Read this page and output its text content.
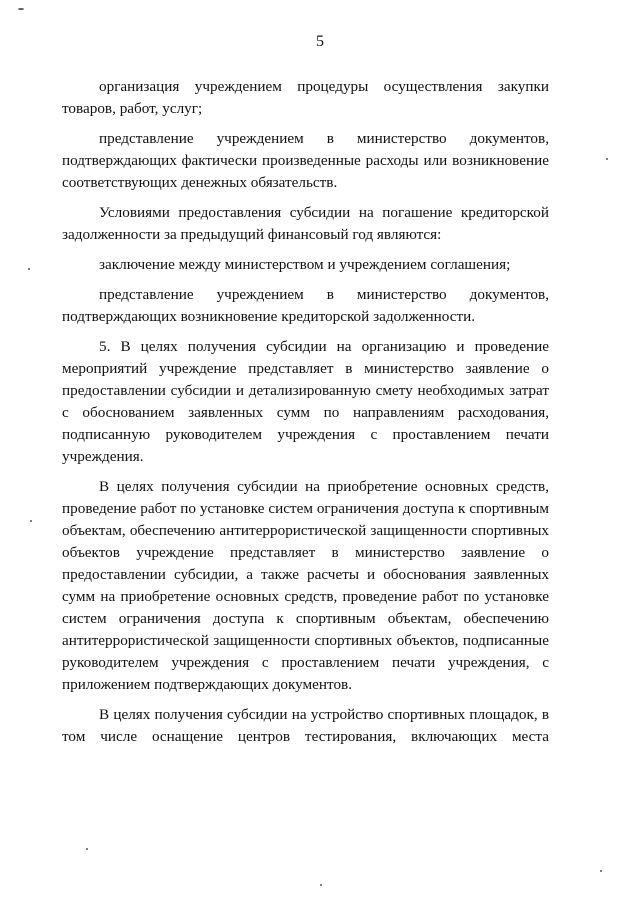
5
организация учреждением процедуры осуществления закупки
товаров, работ, услуг;
представление учреждением в министерство документов,
подтверждающих фактически произведенные расходы или возникновение
соответствующих денежных обязательств.
Условиями предоставления субсидии на погашение кредиторской
задолженности за предыдущий финансовый год являются:
заключение между министерством и учреждением соглашения;
представление учреждением в министерство документов,
подтверждающих возникновение кредиторской задолженности.
5. В целях получения субсидии на организацию и проведение
мероприятий учреждение представляет в министерство заявление о
предоставлении субсидии и детализированную смету необходимых затрат
с обоснованием заявленных сумм по направлениям расходования,
подписанную руководителем учреждения с проставлением печати
учреждения.
В целях получения субсидии на приобретение основных средств,
проведение работ по установке систем ограничения доступа к спортивным
объектам, обеспечению антитеррористической защищенности спортивных
объектов учреждение представляет в министерство заявление о
предоставлении субсидии, а также расчеты и обоснования заявленных
сумм на приобретение основных средств, проведение работ по установке
систем ограничения доступа к спортивным объектам, обеспечению
антитеррористической защищенности спортивных объектов, подписанные
руководителем учреждения с проставлением печати учреждения, с
приложением подтверждающих документов.
В целях получения субсидии на устройство спортивных площадок, в
том числе оснащение центров тестирования, включающих места
